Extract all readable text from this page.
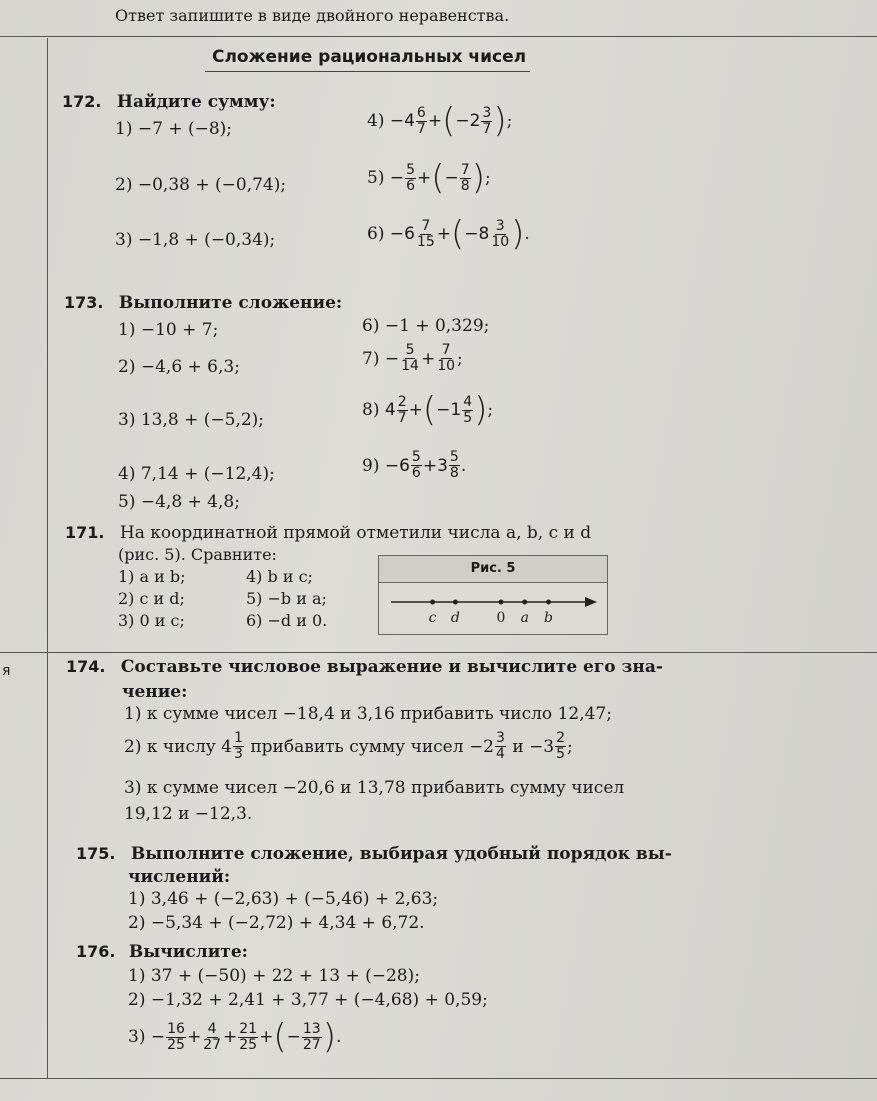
Ответ запишите в виде двойного неравенства.
я
Сложение рациональных чисел
172. Найдите сумму:
1) −7 + (−8);
2) −0,38 + (−0,74);
3) −1,8 + (−0,34);
4)
$-4 \frac{6}{7}$ + ( $-2 \frac{3}{7}$ ) ;
5)
− $\frac{5}{6}$ + ( − $\frac{7}{8}$ ) ;
6)
$-6 \frac{7}{15}$ + ( $-8 \frac{3}{10}$ ) .
173. Выполните сложение:
1) −10 + 7;
2) −4,6 + 6,3;
3) 13,8 + (−5,2);
4) 7,14 + (−12,4);
5) −4,8 + 4,8;
6) −1 + 0,329;
7)
− $\frac{5}{14} + \frac{7}{10}$ ;
8)
$4 \frac{2}{7}$ + ( $-1 \frac{4}{5}$ ) ;
9)
$-6 \frac{5}{6} + 3 \frac{5}{8}$ .
171. На координатной прямой отметили числа a, b, c и d
(рис. 5). Сравните:
1) a и b;
2) c и d;
3) 0 и c;
4) b и c;
5) −b и a;
6) −d и 0.
Рис. 5
c d	0 a b
174. Составьте числовое выражение и вычислите его зна-
чение:
1) к сумме чисел −18,4 и 3,16 прибавить число 12,47;
2) к числу $4 \frac{1}{3}$
прибавить сумму чисел $-2 \frac{3}{4}$
$и -3 \frac{2}{5}$ ;
3) к сумме чисел −20,6 и 13,78 прибавить сумму чисел
19,12 и −12,3.
175. Выполните сложение, выбирая удобный порядок вы-
числений:
1) 3,46 + (−2,63) + (−5,46) + 2,63;
2) −5,34 + (−2,72) + 4,34 + 6,72.
176. Вычислите:
1) 37 + (−50) + 22 + 13 + (−28);
2) −1,32 + 2,41 + 3,77 + (−4,68) + 0,59;
3)
− $\frac{16}{25} + \frac{4}{27} + \frac{21}{25}$ + ( − $\frac{13}{27}$ ) .
